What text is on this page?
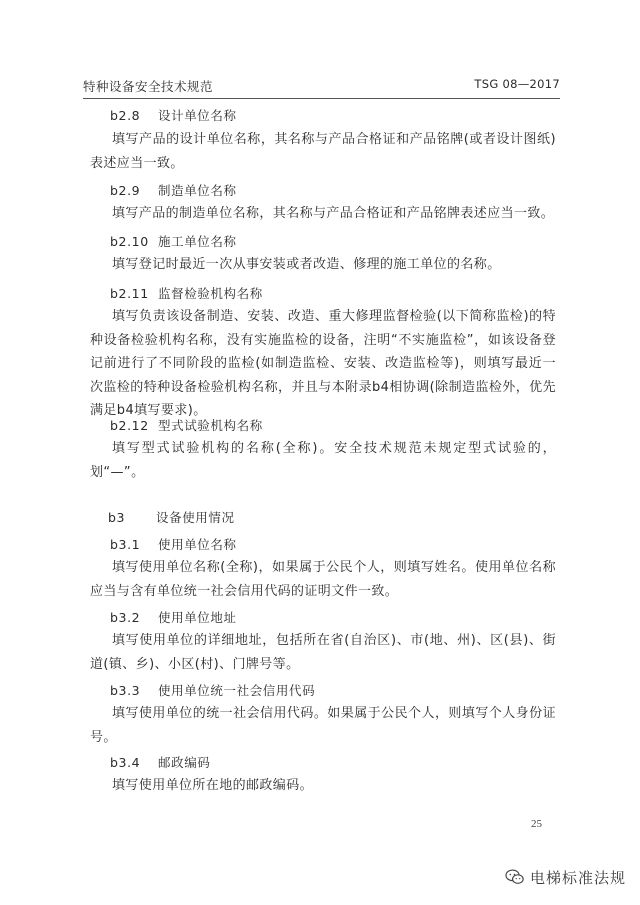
特种设备安全技术规范	TSG 08—2017
b2.8 设计单位名称
填写产品的设计单位名称，其名称与产品合格证和产品铭牌(或者设计图纸)表述应当一致。
b2.9 制造单位名称
填写产品的制造单位名称，其名称与产品合格证和产品铭牌表述应当一致。
b2.10 施工单位名称
填写登记时最近一次从事安装或者改造、修理的施工单位的名称。
b2.11 监督检验机构名称
填写负责该设备制造、安装、改造、重大修理监督检验(以下简称监检)的特种设备检验机构名称，没有实施监检的设备，注明“不实施监检”，如该设备登记前进行了不同阶段的监检(如制造监检、安装、改造监检等)，则填写最近一次监检的特种设备检验机构名称，并且与本附录b4相协调(除制造监检外，优先满足b4填写要求)。
b2.12 型式试验机构名称
填写型式试验机构的名称(全称)。安全技术规范未规定型式试验的，划“—”。
b3 设备使用情况
b3.1 使用单位名称
填写使用单位名称(全称)，如果属于公民个人，则填写姓名。使用单位名称应当与含有单位统一社会信用代码的证明文件一致。
b3.2 使用单位地址
填写使用单位的详细地址，包括所在省(自治区)、市(地、州)、区(县)、街道(镇、乡)、小区(村)、门牌号等。
b3.3 使用单位统一社会信用代码
填写使用单位的统一社会信用代码。如果属于公民个人，则填写个人身份证号。
b3.4 邮政编码
填写使用单位所在地的邮政编码。
25
电梯标准法规
